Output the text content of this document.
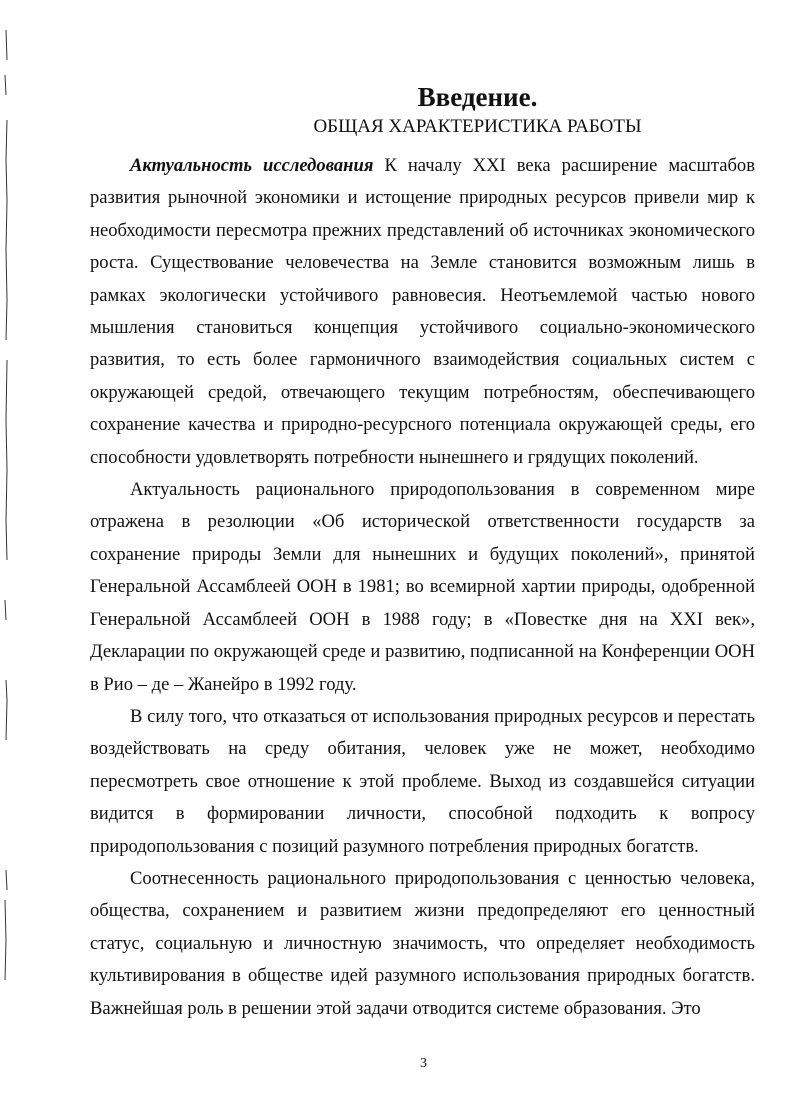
Введение.
ОБЩАЯ ХАРАКТЕРИСТИКА РАБОТЫ

Актуальность исследования К началу XXI века расширение масштабов развития рыночной экономики и истощение природных ресурсов привели мир к необходимости пересмотра прежних представлений об источниках экономического роста. Существование человечества на Земле становится возможным лишь в рамках экологически устойчивого равновесия. Неотъемлемой частью нового мышления становиться концепция устойчивого социально-экономического развития, то есть более гармоничного взаимодействия социальных систем с окружающей средой, отвечающего текущим потребностям, обеспечивающего сохранение качества и природно-ресурсного потенциала окружающей среды, его способности удовлетворять потребности нынешнего и грядущих поколений.

Актуальность рационального природопользования в современном мире отражена в резолюции «Об исторической ответственности государств за сохранение природы Земли для нынешних и будущих поколений», принятой Генеральной Ассамблеей ООН в 1981; во всемирной хартии природы, одобренной Генеральной Ассамблеей ООН в 1988 году; в «Повестке дня на XXI век», Декларации по окружающей среде и развитию, подписанной на Конференции ООН в Рио – де – Жанейро в 1992 году.

В силу того, что отказаться от использования природных ресурсов и перестать воздействовать на среду обитания, человек уже не может, необходимо пересмотреть свое отношение к этой проблеме. Выход из создавшейся ситуации видится в формировании личности, способной подходить к вопросу природопользования с позиций разумного потребления природных богатств.

Соотнесенность рационального природопользования с ценностью человека, общества, сохранением и развитием жизни предопределяют его ценностный статус, социальную и личностную значимость, что определяет необходимость культивирования в обществе идей разумного использования природных богатств. Важнейшая роль в решении этой задачи отводится системе образования. Это

3
